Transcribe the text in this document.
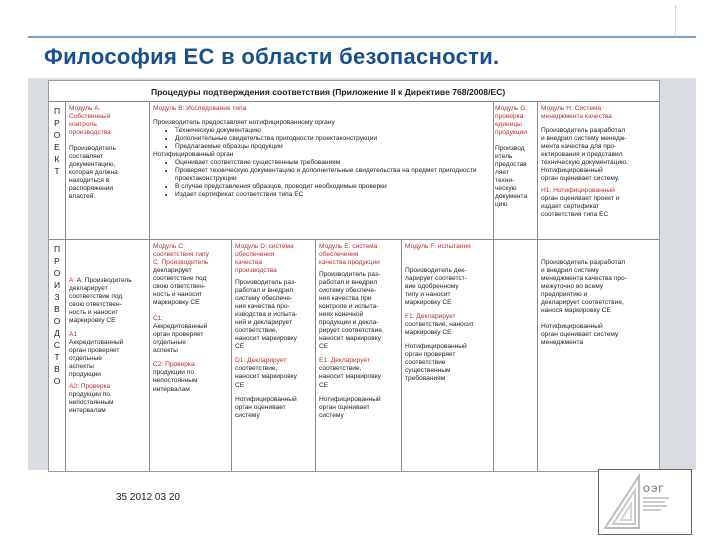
Философия ЕС в области безопасности.
Процедуры подтверждения соответствия (Приложение II к Директиве 768/2008/EC)
П
Р
О
Е
К
Т
П
Р
О
И
З
В
О
Д
С
Т
В
О

Модуль А:

Собственный

контроль

производства

Производитель

составляет

документацию,

которая должна

находиться в

распоряжении

властей.

Модуль В: Исследование типа

Производитель предоставляет нотифицированному органу

• Техническую документацию
• Дополнительные свидетельства пригодности проектаконструкции
• Предлагаемые образцы продукции

Нотифицированный орган

• Оценивает соответствие существенным требованиям
• Проверяет техническую документацию и дополнительные свидетельства на предмет пригодности проектаконструкции
• В случае представления образцов, проводит необходимые проверки
• Издает сертификат соответствия типа ЕС

Модуль G:

проверка

единицы

продукции

Производ

итель

предостав

ляет

техни-

ческую

документа

цию

Модуль H: Система

менеджмента качества

Производитель разработал

и внедрил систему менедж-

мента качества для про-

ектирования и представил

техническую документацию. Нотифицированный

орган оценивает систему.

H1: Нотифицированный

орган оценивает проект и

издает сертификат

соответствия типа ЕС

A: A: Производитель

декларирует

соответствие под

свою ответствен-

ность и наносит

маркировку СЕ

А1

Аккредитованный

орган проверяет

отдельные

аспекты

продукции

А2: Проверка

продукции по

непостоянным

интервалам

Модуль С:

соответствия типу

С: Производитель

декларирует

соответствие под

свою ответствен-

ность и наносит

маркировку СЕ

C1:

Аккредитованный

орган проверяет

отдельные

аспекты

C2: Проверка

продукции по

непостоянным

интервалам

Модуль D: система

обеспечения

качества

производства

Производитель раз-

работал и внедрил

систему обеспече-

ния качества про-

изводства и испыта-

ний и декларирует

соответствие,

наносит маркировку

СЕ

D1: Декларирует

соответствие,

наносит маркировку

СЕ

Нотифицированный

орган оценивает

систему

Модуль Е: система

обеспечения

качества продукции

Производитель раз-

работал и внедрил

систему обеспече-

ния качества при

контроле и испыта-

ниях конечной

продукции и декла-

рирует соответствие,

наносит маркировку

СЕ

Е1: Декларирует

соответствие,

наносит маркировку

СЕ

Нотифицированный

орган оценивает

систему

Модуль F: испытания

Производитель дек-

ларирует соответст-

вие одобренному

типу и наносит

маркировку СЕ

F1: Декларирует

соответствие, наносит

маркировку СЕ

Нотифицированный

орган проверяет

соответствие

существенным

требованиям

Производитель разработал

и внедрил систему

менеджмента качества про-

межуточно во всему

предприятию и

декларирует соответствие,

нанося маркировку СЕ

Нотифицированный

орган оценивает систему

менеджмента

35 2012 03 20
ОЭГ
